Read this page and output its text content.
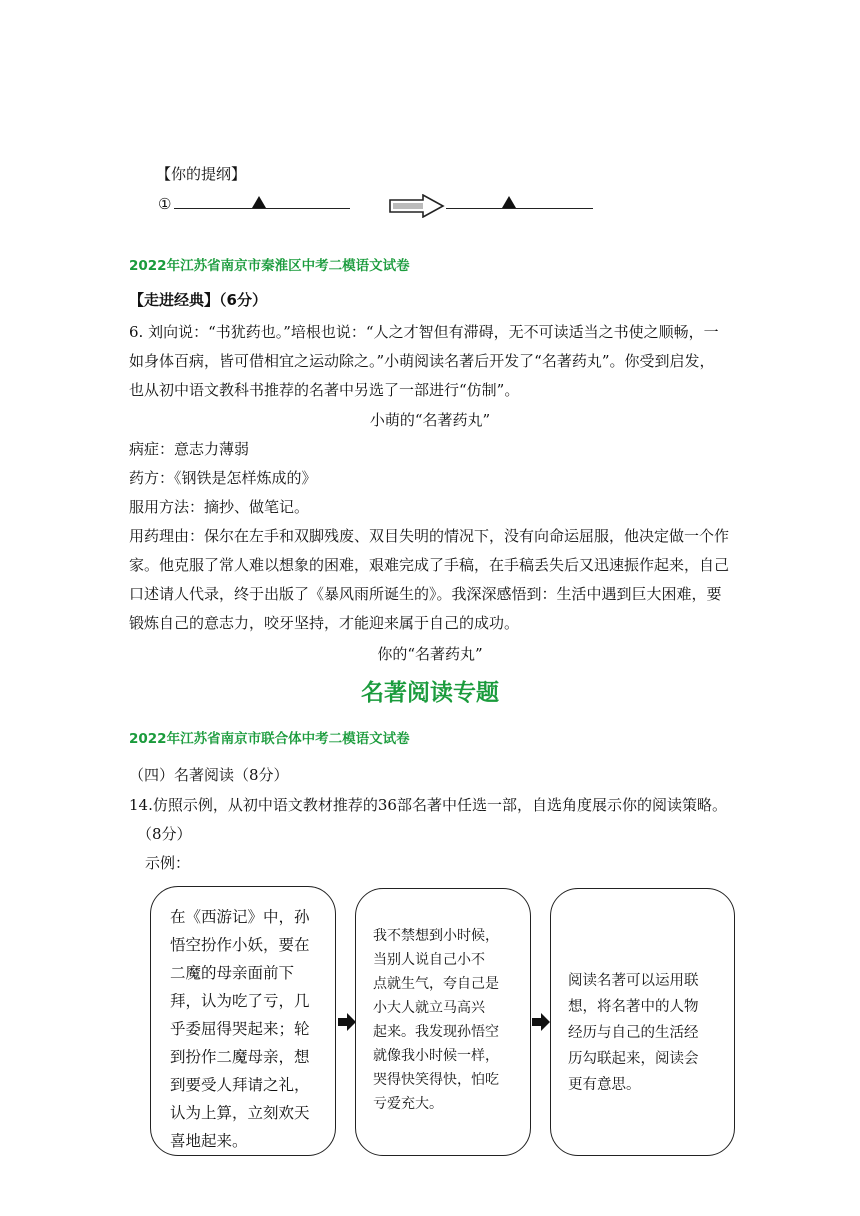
【你的提纲】
①
2022年江苏省南京市秦淮区中考二模语文试卷
【走进经典】（6分）
6. 刘向说：“书犹药也。”培根也说：“人之才智但有滞碍，无不可读适当之书使之顺畅，一
如身体百病，皆可借相宜之运动除之。”小萌阅读名著后开发了“名著药丸”。你受到启发，
也从初中语文教科书推荐的名著中另选了一部进行“仿制”。
小萌的“名著药丸”
病症：意志力薄弱
药方：《钢铁是怎样炼成的》
服用方法：摘抄、做笔记。
用药理由：保尔在左手和双脚残废、双目失明的情况下，没有向命运屈服，他决定做一个作
家。他克服了常人难以想象的困难，艰难完成了手稿，在手稿丢失后又迅速振作起来，自己
口述请人代录，终于出版了《暴风雨所诞生的》。我深深感悟到：生活中遇到巨大困难，要
锻炼自己的意志力，咬牙坚持，才能迎来属于自己的成功。
你的“名著药丸”
名著阅读专题
2022年江苏省南京市联合体中考二模语文试卷
（四）名著阅读（8分）
14.仿照示例，从初中语文教材推荐的36部名著中任选一部，自选角度展示你的阅读策略。
（8分）
示例：
在《西游记》中，孙
悟空扮作小妖，要在
二魔的母亲面前下
拜，认为吃了亏，几
乎委屈得哭起来；轮
到扮作二魔母亲，想
到要受人拜请之礼，
认为上算，立刻欢天
喜地起来。
我不禁想到小时候，
当别人说自己小不
点就生气，夸自己是
小大人就立马高兴
起来。我发现孙悟空
就像我小时候一样，
哭得快笑得快，怕吃
亏爱充大。
阅读名著可以运用联
想，将名著中的人物
经历与自己的生活经
历勾联起来，阅读会
更有意思。
